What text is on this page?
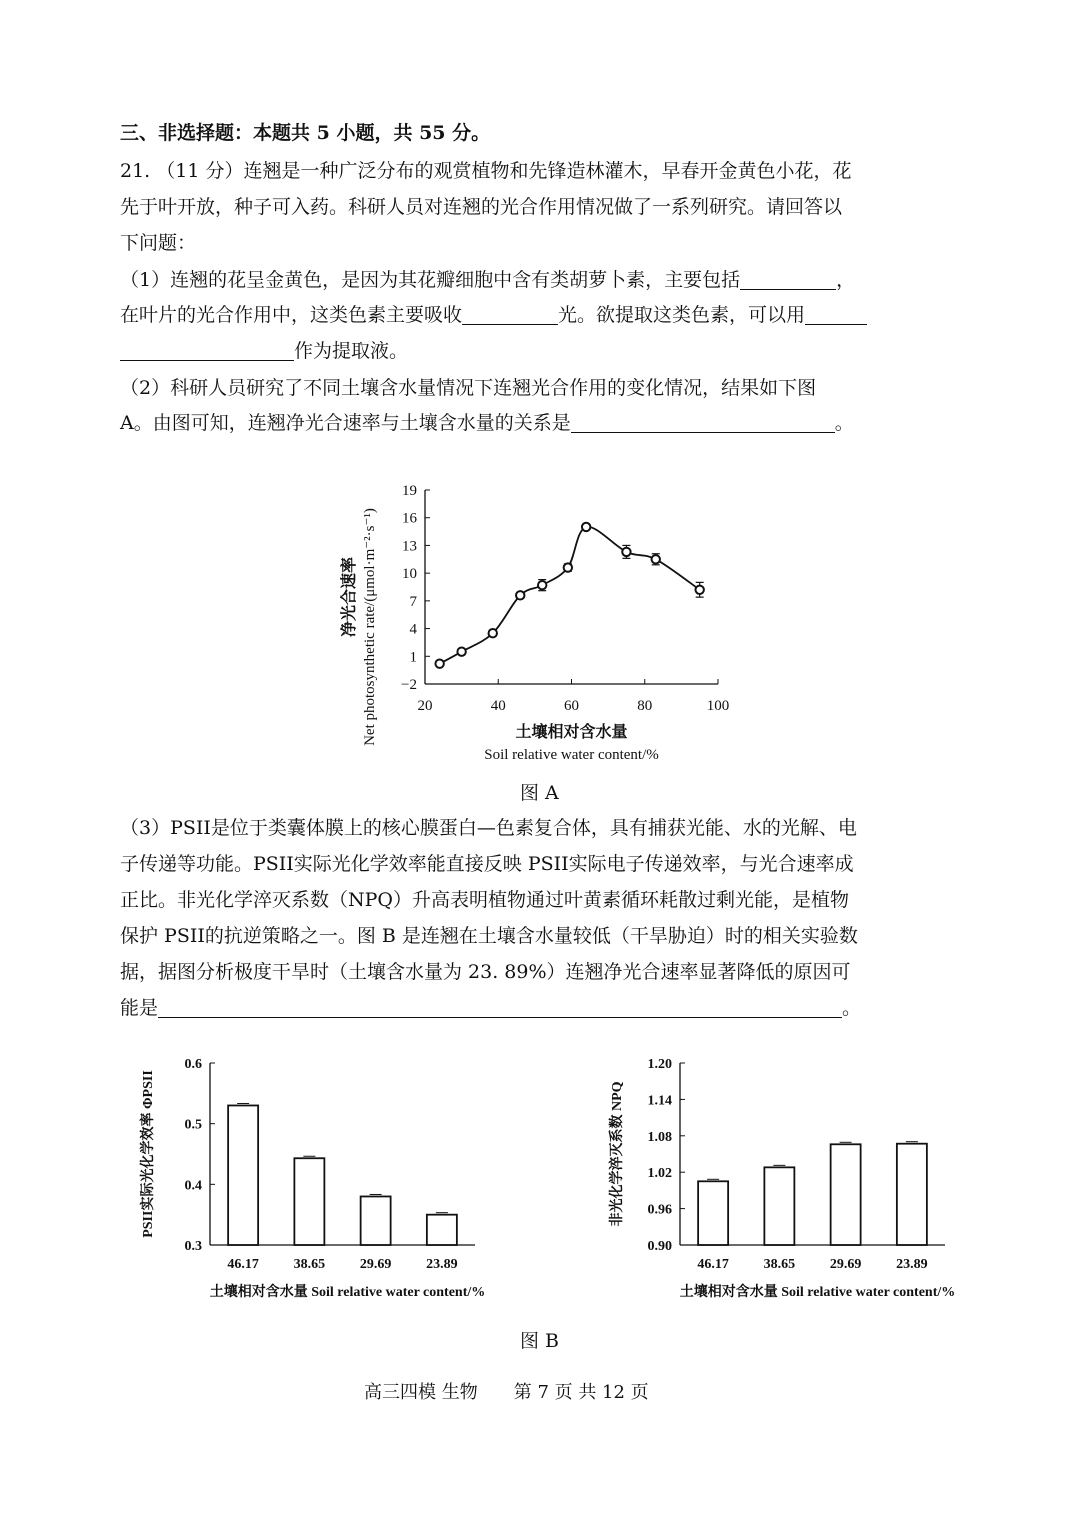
三、非选择题：本题共 5 小题，共 55 分。
21. （11 分）连翘是一种广泛分布的观赏植物和先锋造林灌木，早春开金黄色小花，花
先于叶开放，种子可入药。科研人员对连翘的光合作用情况做了一系列研究。请回答以
下问题：
（1）连翘的花呈金黄色，是因为其花瓣细胞中含有类胡萝卜素，主要包括	，
在叶片的光合作用中，这类色素主要吸收	光。欲提取这类色素，可以用
作为提取液。
（2）科研人员研究了不同土壤含水量情况下连翘光合作用的变化情况，结果如下图
A。由图可知，连翘净光合速率与土壤含水量的关系是	。
−2
1
4
7
10
13
16
19
20	40	60	80	100
土壤相对含水量
Soil relative water content/%
净光合速率 Net photosynthetic rate/(μmol·m⁻²·s⁻¹)
图 A
（3）PSII是位于类囊体膜上的核心膜蛋白—色素复合体，具有捕获光能、水的光解、电
子传递等功能。PSII实际光化学效率能直接反映 PSII实际电子传递效率，与光合速率成
正比。非光化学淬灭系数（NPQ）升高表明植物通过叶黄素循环耗散过剩光能，是植物
保护 PSII的抗逆策略之一。图 B 是连翘在土壤含水量较低（干旱胁迫）时的相关实验数
据，据图分析极度干旱时（土壤含水量为 23. 89%）连翘净光合速率显著降低的原因可
能是	。
0.3
0.4
0.5
0.6
46.17 38.65 29.69 23.89
土壤相对含水量 Soil relative water content/%
PSII实际光化学效率 ΦPSII
0.90
0.96
1.02
1.08
1.14
1.20
46.17 38.65 29.69 23.89
土壤相对含水量 Soil relative water content/%
非光化学淬灭系数 NPQ
图 B
高三四模 生物　　第 7 页 共 12 页
